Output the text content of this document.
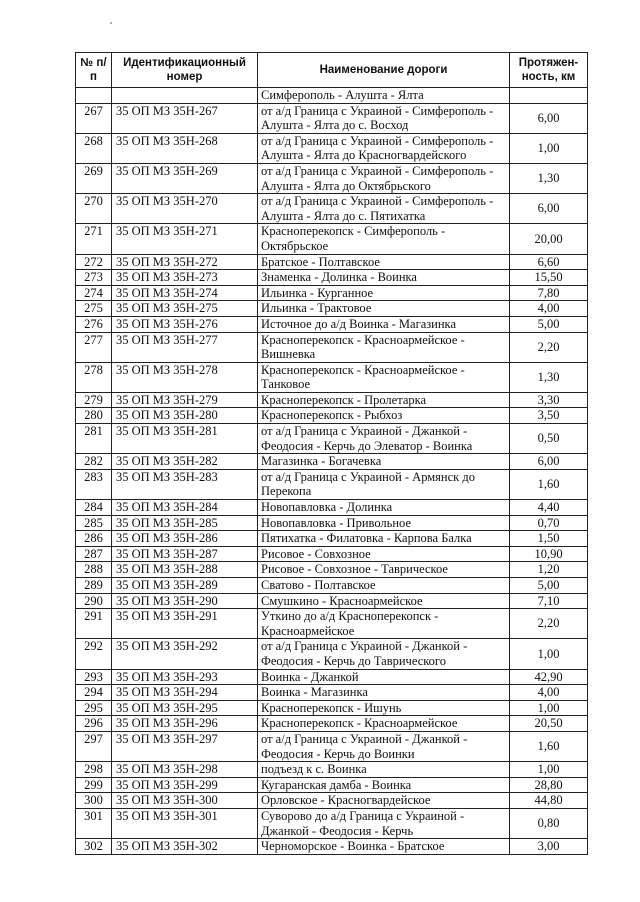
№ п/п	Идентификационный номер	Наименование дороги	Протяжен-ность, км
		Симферополь - Алушта - Ялта	
267	35 ОП МЗ 35Н-267	от а/д Граница с Украиной - Симферополь - Алушта - Ялта до с. Восход	6,00
268	35 ОП МЗ 35Н-268	от а/д Граница с Украиной - Симферополь - Алушта - Ялта до Красногвардейского	1,00
269	35 ОП МЗ 35Н-269	от а/д Граница с Украиной - Симферополь - Алушта - Ялта до Октябрьского	1,30
270	35 ОП МЗ 35Н-270	от а/д Граница с Украиной - Симферополь - Алушта - Ялта до с. Пятихатка	6,00
271	35 ОП МЗ 35Н-271	Красноперекопск - Симферополь - Октябрьское	20,00
272	35 ОП МЗ 35Н-272	Братское - Полтавское	6,60
273	35 ОП МЗ 35Н-273	Знаменка - Долинка - Воинка	15,50
274	35 ОП МЗ 35Н-274	Ильинка - Курганное	7,80
275	35 ОП МЗ 35Н-275	Ильинка - Трактовое	4,00
276	35 ОП МЗ 35Н-276	Источное до а/д Воинка - Магазинка	5,00
277	35 ОП МЗ 35Н-277	Красноперекопск - Красноармейское - Вишневка	2,20
278	35 ОП МЗ 35Н-278	Красноперекопск - Красноармейское - Танковое	1,30
279	35 ОП МЗ 35Н-279	Красноперекопск - Пролетарка	3,30
280	35 ОП МЗ 35Н-280	Красноперекопск - Рыбхоз	3,50
281	35 ОП МЗ 35Н-281	от а/д Граница с Украиной - Джанкой - Феодосия - Керчь до Элеватор - Воинка	0,50
282	35 ОП МЗ 35Н-282	Магазинка - Богачевка	6,00
283	35 ОП МЗ 35Н-283	от а/д Граница с Украиной - Армянск до Перекопа	1,60
284	35 ОП МЗ 35Н-284	Новопавловка - Долинка	4,40
285	35 ОП МЗ 35Н-285	Новопавловка - Привольное	0,70
286	35 ОП МЗ 35Н-286	Пятихатка - Филатовка - Карпова Балка	1,50
287	35 ОП МЗ 35Н-287	Рисовое - Совхозное	10,90
288	35 ОП МЗ 35Н-288	Рисовое - Совхозное - Таврическое	1,20
289	35 ОП МЗ 35Н-289	Сватово - Полтавское	5,00
290	35 ОП МЗ 35Н-290	Смушкино - Красноармейское	7,10
291	35 ОП МЗ 35Н-291	Уткино до а/д Красноперекопск - Красноармейское	2,20
292	35 ОП МЗ 35Н-292	от а/д Граница с Украиной - Джанкой - Феодосия - Керчь до Таврического	1,00
293	35 ОП МЗ 35Н-293	Воинка - Джанкой	42,90
294	35 ОП МЗ 35Н-294	Воинка - Магазинка	4,00
295	35 ОП МЗ 35Н-295	Красноперекопск - Ишунь	1,00
296	35 ОП МЗ 35Н-296	Красноперекопск - Красноармейское	20,50
297	35 ОП МЗ 35Н-297	от а/д Граница с Украиной - Джанкой - Феодосия - Керчь до Воинки	1,60
298	35 ОП МЗ 35Н-298	подъезд к с. Воинка	1,00
299	35 ОП МЗ 35Н-299	Кугаранская дамба - Воинка	28,80
300	35 ОП МЗ 35Н-300	Орловское - Красногвардейское	44,80
301	35 ОП МЗ 35Н-301	Суворово до а/д Граница с Украиной - Джанкой - Феодосия - Керчь	0,80
302	35 ОП МЗ 35Н-302	Черноморское - Воинка - Братское	3,00
